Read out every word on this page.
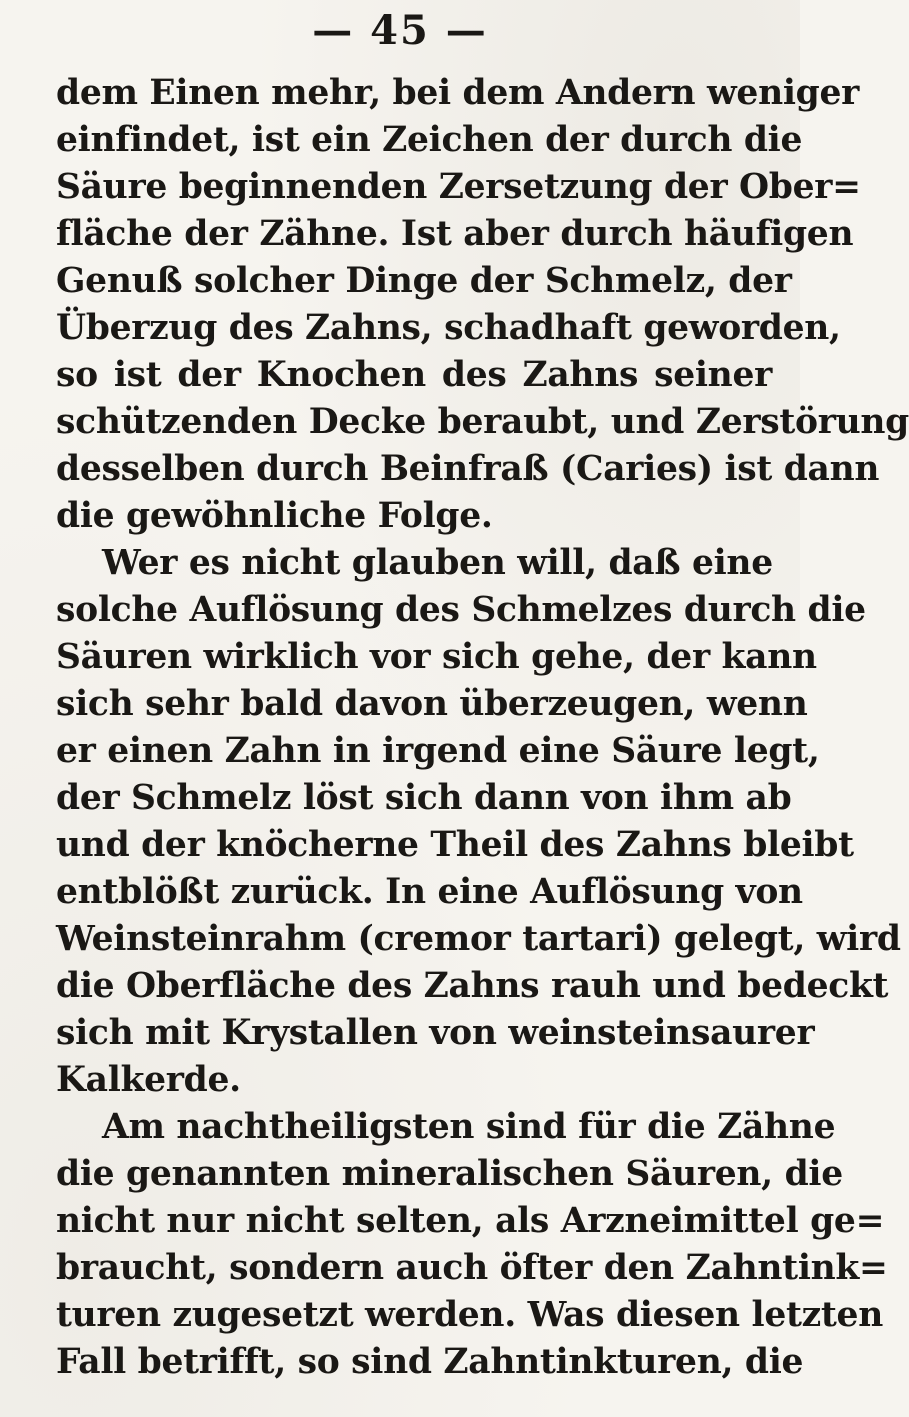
— 45 —
dem Einen mehr, bei dem Andern weniger
einfindet, ist ein Zeichen der durch die
Säure beginnenden Zersetzung der Ober=
fläche der Zähne. Ist aber durch häufigen
Genuß solcher Dinge der Schmelz, der
Überzug des Zahns, schadhaft geworden,
so ist der Knochen des Zahns seiner
schützenden Decke beraubt, und Zerstörung
desselben durch Beinfraß (Caries) ist dann
die gewöhnliche Folge.
Wer es nicht glauben will, daß eine
solche Auflösung des Schmelzes durch die
Säuren wirklich vor sich gehe, der kann
sich sehr bald davon überzeugen, wenn
er einen Zahn in irgend eine Säure legt,
der Schmelz löst sich dann von ihm ab
und der knöcherne Theil des Zahns bleibt
entblößt zurück. In eine Auflösung von
Weinsteinrahm (cremor tartari) gelegt, wird
die Oberfläche des Zahns rauh und bedeckt
sich mit Krystallen von weinsteinsaurer
Kalkerde.
Am nachtheiligsten sind für die Zähne
die genannten mineralischen Säuren, die
nicht nur nicht selten, als Arzneimittel ge=
braucht, sondern auch öfter den Zahntink=
turen zugesetzt werden. Was diesen letzten
Fall betrifft, so sind Zahntinkturen, die
